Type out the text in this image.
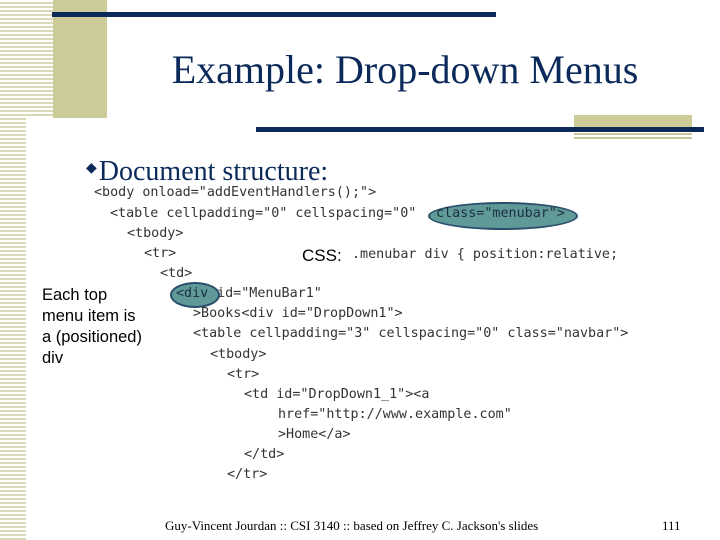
Example: Drop-down Menus
◆Document structure:
<body onload="addEventHandlers();">
<table cellpadding="0" cellspacing="0" class="menubar">
<tbody>
<tr>	CSS: .menubar div { position:relative;
<td>
<div id="MenuBar1"
>Books<div id="DropDown1">
<table cellpadding="3" cellspacing="0" class="navbar">
<tbody>
<tr>
<td id="DropDown1_1"><a
href="http://www.example.com"
>Home</a>
</td>
</tr>
Each top
menu item is
a (positioned)
div
Guy-Vincent Jourdan :: CSI 3140 :: based on Jeffrey C. Jackson's slides	111
